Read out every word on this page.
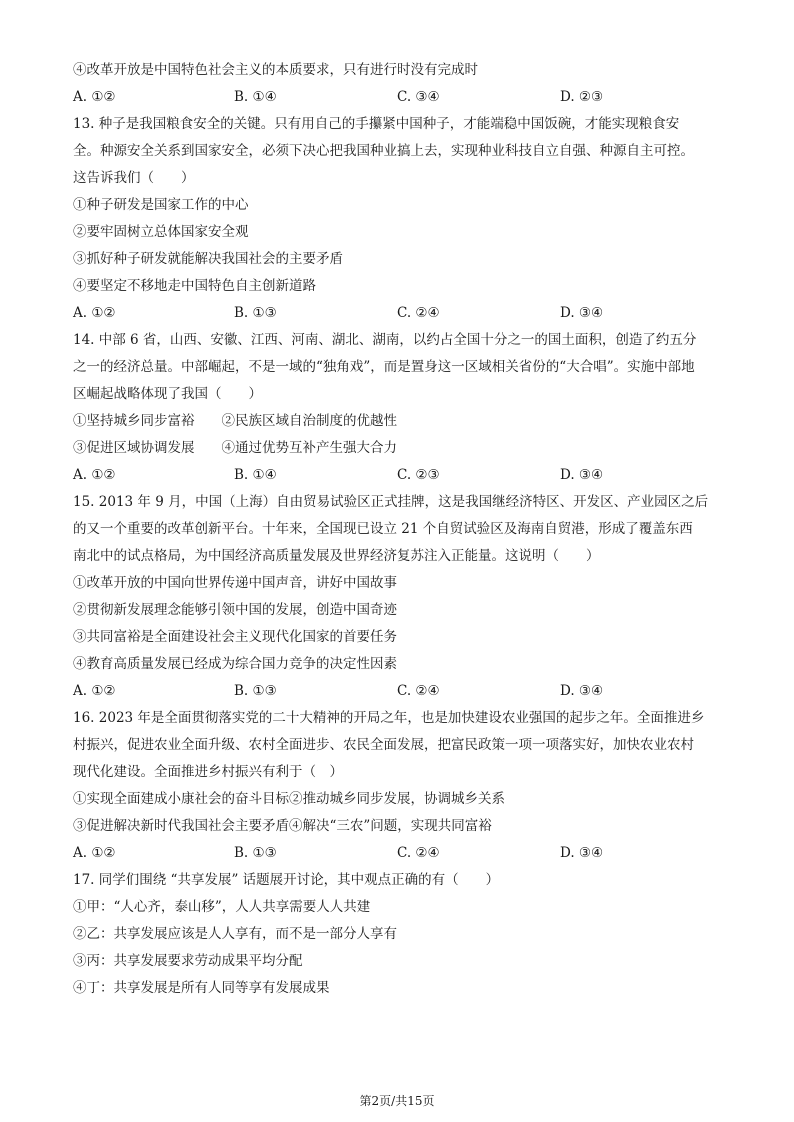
④改革开放是中国特色社会主义的本质要求，只有进行时没有完成时
A. ①②	B. ①④	C. ③④	D. ②③
13. 种子是我国粮食安全的关键。只有用自己的手攥紧中国种子，才能端稳中国饭碗，才能实现粮食安
全。种源安全关系到国家安全，必须下决心把我国种业搞上去，实现种业科技自立自强、种源自主可控。
这告诉我们（　　）
①种子研发是国家工作的中心
②要牢固树立总体国家安全观
③抓好种子研发就能解决我国社会的主要矛盾
④要坚定不移地走中国特色自主创新道路
A. ①②	B. ①③	C. ②④	D. ③④
14. 中部 6 省，山西、安徽、江西、河南、湖北、湖南，以约占全国十分之一的国土面积，创造了约五分
之一的经济总量。中部崛起，不是一域的“独角戏”，而是置身这一区域相关省份的“大合唱”。实施中部地
区崛起战略体现了我国（　　）
①坚持城乡同步富裕　　②民族区域自治制度的优越性
③促进区域协调发展　　④通过优势互补产生强大合力
A. ①②	B. ①④	C. ②③	D. ③④
15. 2013 年 9 月，中国（上海）自由贸易试验区正式挂牌，这是我国继经济特区、开发区、产业园区之后
的又一个重要的改革创新平台。十年来，全国现已设立 21 个自贸试验区及海南自贸港，形成了覆盖东西
南北中的试点格局，为中国经济高质量发展及世界经济复苏注入正能量。这说明（　　）
①改革开放的中国向世界传递中国声音，讲好中国故事
②贯彻新发展理念能够引领中国的发展，创造中国奇迹
③共同富裕是全面建设社会主义现代化国家的首要任务
④教育高质量发展已经成为综合国力竞争的决定性因素
A. ①②	B. ①③	C. ②④	D. ③④
16. 2023 年是全面贯彻落实党的二十大精神的开局之年，也是加快建设农业强国的起步之年。全面推进乡
村振兴，促进农业全面升级、农村全面进步、农民全面发展，把富民政策一项一项落实好，加快农业农村
现代化建设。全面推进乡村振兴有利于（　）
①实现全面建成小康社会的奋斗目标②推动城乡同步发展，协调城乡关系
③促进解决新时代我国社会主要矛盾④解决“三农”问题，实现共同富裕
A. ①②	B. ①③	C. ②④	D. ③④
17. 同学们围绕 “共享发展” 话题展开讨论，其中观点正确的有（　　）
①甲：“人心齐，泰山移”，人人共享需要人人共建
②乙：共享发展应该是人人享有，而不是一部分人享有
③丙：共享发展要求劳动成果平均分配
④丁：共享发展是所有人同等享有发展成果
第2页/共15页
